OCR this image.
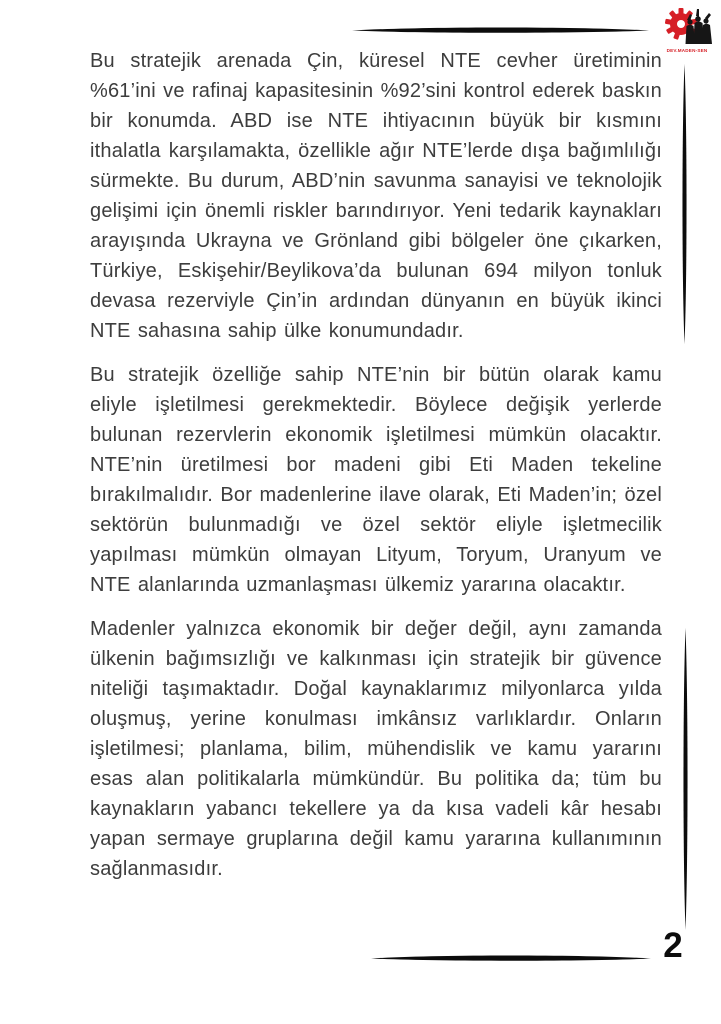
DEV.MADEN-SEN

Bu stratejik arenada Çin, küresel NTE cevher üretiminin %61’ini ve rafinaj kapasitesinin %92’sini kontrol ederek baskın bir konumda. ABD ise NTE ihtiyacının büyük bir kısmını ithalatla karşılamakta, özellikle ağır NTE’lerde dışa bağımlılığı sürmekte. Bu durum, ABD’nin savunma sanayisi ve teknolojik gelişimi için önemli riskler barındırıyor. Yeni tedarik kaynakları arayışında Ukrayna ve Grönland gibi bölgeler öne çıkarken, Türkiye, Eskişehir/Beylikova’da bulunan 694 milyon tonluk devasa rezerviyle Çin’in ardından dünyanın en büyük ikinci NTE sahasına sahip ülke konumundadır.

Bu stratejik özelliğe sahip NTE’nin bir bütün olarak kamu eliyle işletilmesi gerekmektedir. Böylece değişik yerlerde bulunan rezervlerin ekonomik işletilmesi mümkün olacaktır. NTE’nin üretilmesi bor madeni gibi Eti Maden tekeline bırakılmalıdır. Bor madenlerine ilave olarak, Eti Maden’in; özel sektörün bulunmadığı ve özel sektör eliyle işletmecilik yapılması mümkün olmayan Lityum, Toryum, Uranyum ve NTE alanlarında uzmanlaşması ülkemiz yararına olacaktır.

Madenler yalnızca ekonomik bir değer değil, aynı zamanda ülkenin bağımsızlığı ve kalkınması için stratejik bir güvence niteliği taşımaktadır. Doğal kaynaklarımız milyonlarca yılda oluşmuş, yerine konulması imkânsız varlıklardır. Onların işletilmesi; planlama, bilim, mühendislik ve kamu yararını esas alan politikalarla mümkündür. Bu politika da; tüm bu kaynakların yabancı tekellere ya da kısa vadeli kâr hesabı yapan sermaye gruplarına değil kamu yararına kullanımının sağlanmasıdır.

2
